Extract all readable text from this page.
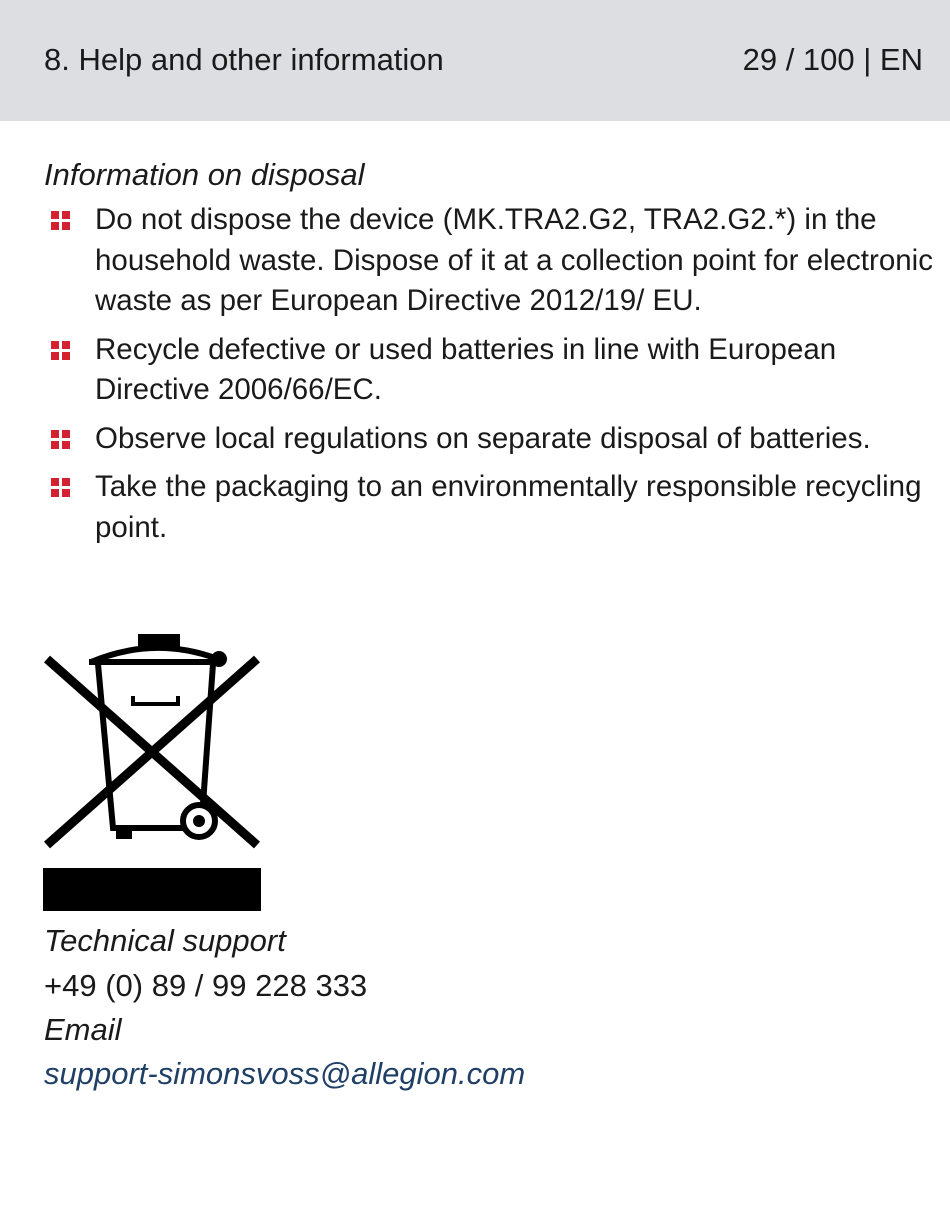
8. Help and other information	29 / 100 | EN
Information on disposal
Do not dispose the device (MK.TRA2.G2, TRA2.G2.*) in the household waste. Dispose of it at a collection point for electronic waste as per European Directive 2012/19/ EU.
Recycle defective or used batteries in line with European Directive 2006/66/EC.
Observe local regulations on separate disposal of batteries.
Take the packaging to an environmentally responsible recycling point.
Technical support
+49 (0) 89 / 99 228 333
Email
support-simonsvoss@allegion.com
